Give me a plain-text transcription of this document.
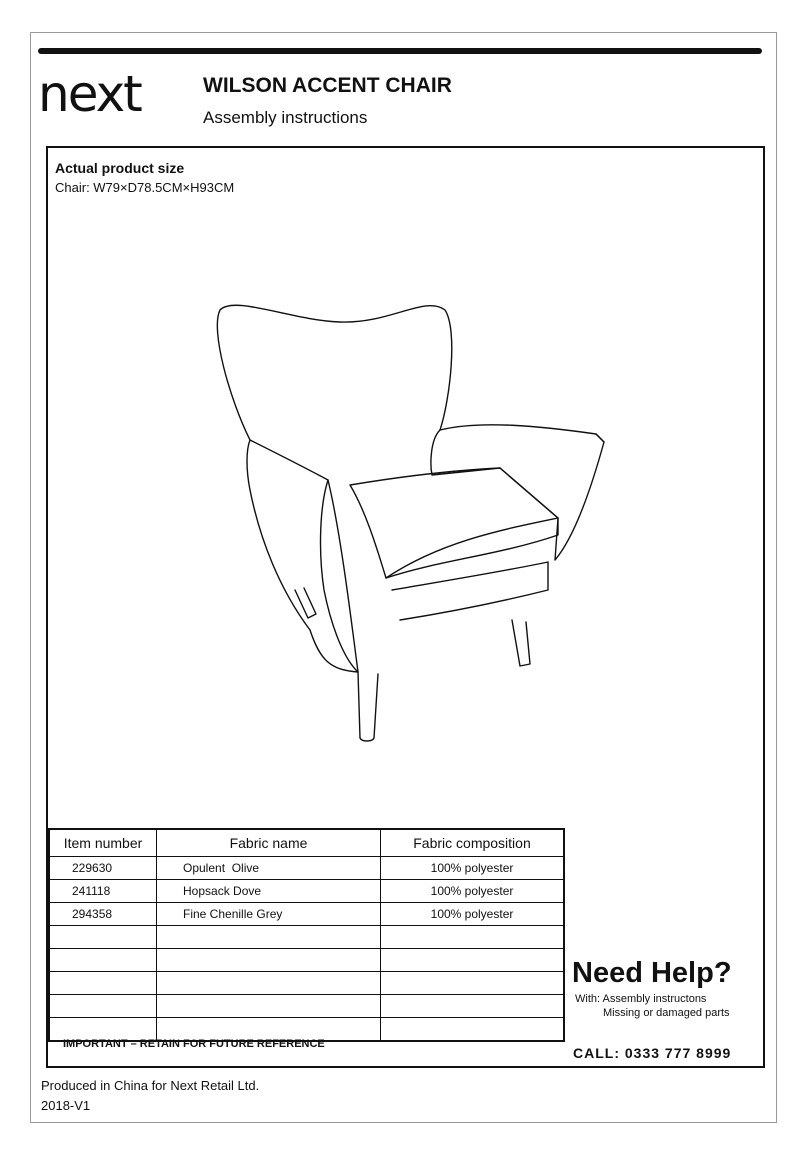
next	WILSON ACCENT CHAIR
Assembly instructions
Actual product size
Chair: W79×D78.5CM×H93CM
Item number	Fabric name	Fabric composition
229630	Opulent  Olive	100% polyester
241118	Hopsack Dove	100% polyester
294358	Fine Chenille Grey	100% polyester

IMPORTANT – RETAIN FOR FUTURE REFERENCE
Need Help?
With: Assembly instructons
Missing or damaged parts
CALL: 0333 777 8999
Produced in China for Next Retail Ltd.
2018-V1
